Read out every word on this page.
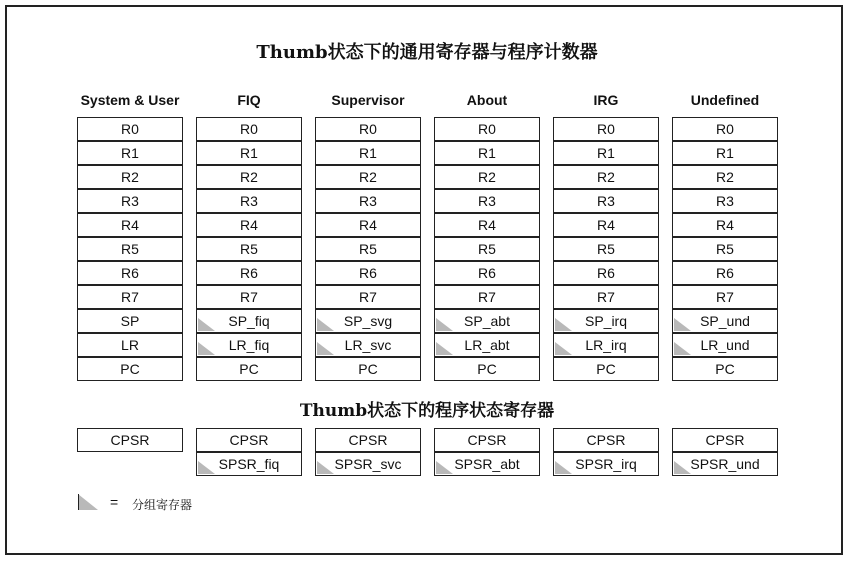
Thumb状态下的通用寄存器与程序计数器
Thumb状态下的程序状态寄存器
System & User
R0
R1
R2
R3
R4
R5
R6
R7
SP
LR
PC
CPSR
FIQ
R0
R1
R2
R3
R4
R5
R6
R7
SP_fiq
LR_fiq
PC
CPSR
SPSR_fiq
Supervisor
R0
R1
R2
R3
R4
R5
R6
R7
SP_svg
LR_svc
PC
CPSR
SPSR_svc
About
R0
R1
R2
R3
R4
R5
R6
R7
SP_abt
LR_abt
PC
CPSR
SPSR_abt
IRG
R0
R1
R2
R3
R4
R5
R6
R7
SP_irq
LR_irq
PC
CPSR
SPSR_irq
Undefined
R0
R1
R2
R3
R4
R5
R6
R7
SP_und
LR_und
PC
CPSR
SPSR_und
= 分组寄存器
